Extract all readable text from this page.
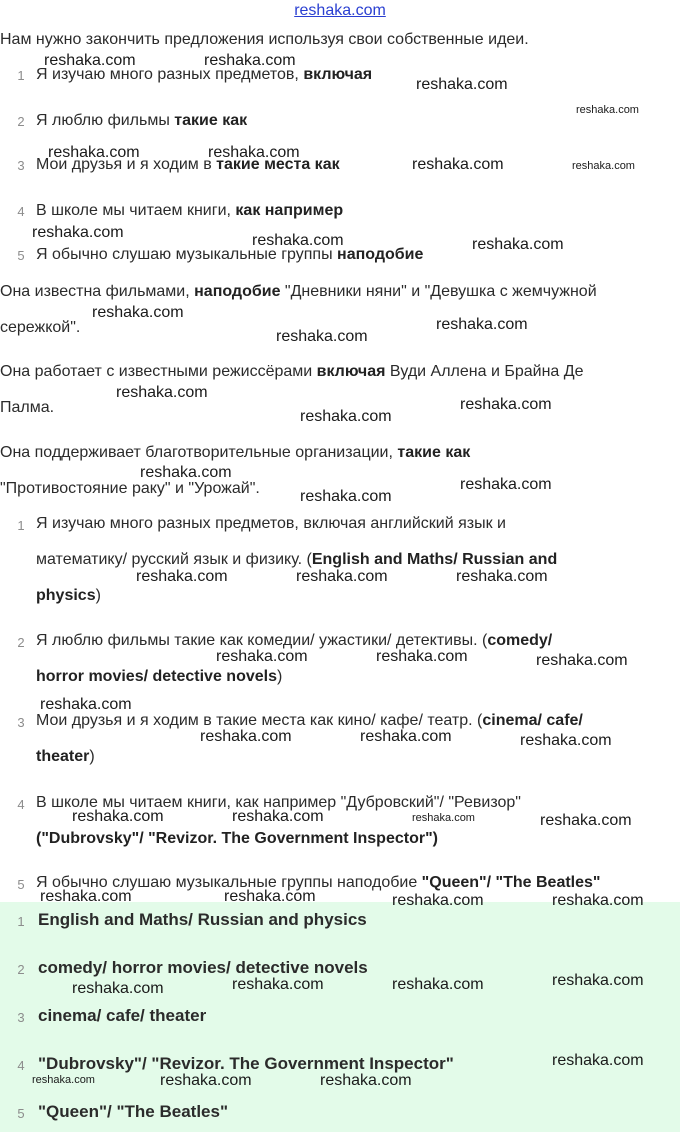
reshaka.com
Нам нужно закончить предложения используя свои собственные идеи.
1 Я изучаю много разных предметов, включая
2 Я люблю фильмы такие как
3 Мои друзья и я ходим в такие места как
4 В школе мы читаем книги, как например
5 Я обычно слушаю музыкальные группы наподобие
Она известна фильмами, наподобие "Дневники няни" и "Девушка с жемчужной
сережкой".
Она работает с известными режиссёрами включая Вуди Аллена и Брайна Де
Палма.
Она поддерживает благотворительные организации, такие как
"Противостояние раку" и "Урожай".
1 Я изучаю много разных предметов, включая английский язык и
математику/ русский язык и физику. (English and Maths/ Russian and
physics)
2 Я люблю фильмы такие как комедии/ ужастики/ детективы. (comedy/
horror movies/ detective novels)
3 Мои друзья и я ходим в такие места как кино/ кафе/ театр. (cinema/ cafe/
theater)
4 В школе мы читаем книги, как например "Дубровский"/ "Ревизор"
("Dubrovsky"/ "Revizor. The Government Inspector")
5 Я обычно слушаю музыкальные группы наподобие "Queen"/ "The Beatles"
1 English and Maths/ Russian and physics
2 comedy/ horror movies/ detective novels
3 cinema/ cafe/ theater
4 "Dubrovsky"/ "Revizor. The Government Inspector"
5 "Queen"/ "The Beatles"
reshaka.com	reshaka.com
reshaka.com
reshaka.com
reshaka.com	reshaka.com
reshaka.com	reshaka.com
reshaka.com	reshaka.com	reshaka.com
reshaka.com
reshaka.com
reshaka.com
reshaka.com
reshaka.com
reshaka.com
reshaka.com
reshaka.com
reshaka.com
reshaka.com	reshaka.com	reshaka.com
reshaka.com	reshaka.com	reshaka.com
reshaka.com
reshaka.com	reshaka.com	reshaka.com
reshaka.com	reshaka.com	reshaka.com	reshaka.com
reshaka.com	reshaka.com	reshaka.com	reshaka.com
reshaka.com
reshaka.com	reshaka.com
reshaka.com
reshaka.com
reshaka.com	reshaka.com	reshaka.com
